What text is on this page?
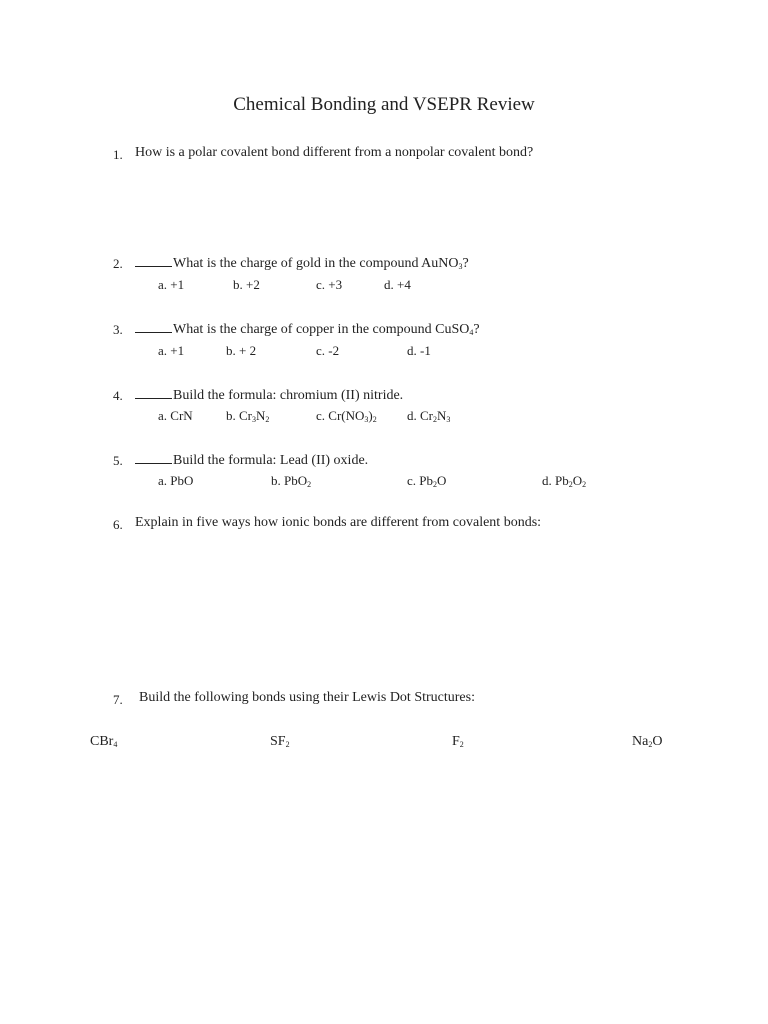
Chemical Bonding and VSEPR Review
1. How is a polar covalent bond different from a nonpolar covalent bond?
2.	What is the charge of gold in the compound AuNO$_3$?
a. +1	b. +2	c. +3	d. +4
3.	What is the charge of copper in the compound CuSO$_4$?
a. +1	b. + 2	c. -2	d. -1
4.	Build the formula: chromium (II) nitride.
a. CrN	b. $Cr_3N_2$	c. $Cr(NO_3)_2$ d. $Cr_2N_3$
5.	Build the formula: Lead (II) oxide.
a. PbO	b. PbO$_2$	c. $Pb_2O$	d. $Pb_2O_2$
6. Explain in five ways how ionic bonds are different from covalent bonds:
7. Build the following bonds using their Lewis Dot Structures:
CBr$_4$	$SF_2$	$F_2$	$Na_2O$
